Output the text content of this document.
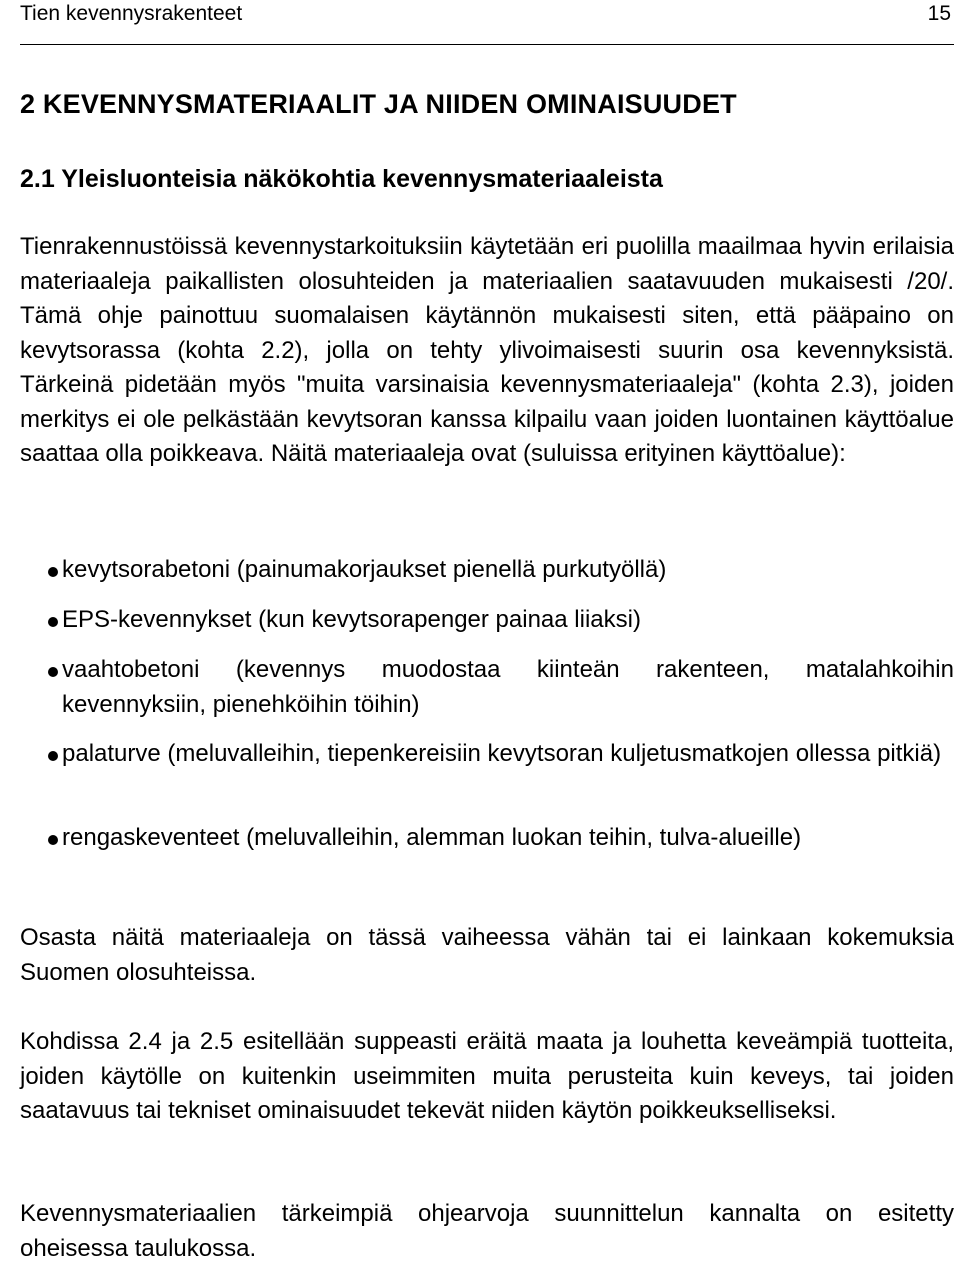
Tien kevennysrakenteet	15
2 KEVENNYSMATERIAALIT JA NIIDEN OMINAISUUDET
2.1 Yleisluonteisia näkökohtia kevennysmateriaaleista

Tienrakennustöissä kevennystarkoituksiin käytetään eri puolilla maailmaa hyvin erilaisia materiaaleja paikallisten olosuhteiden ja materiaalien saatavuuden mukaisesti /20/. Tämä ohje painottuu suomalaisen käytännön mukaisesti siten, että pääpaino on kevytsorassa (kohta 2.2), jolla on tehty ylivoimaisesti suurin osa kevennyksistä. Tärkeinä pidetään myös "muita varsinaisia kevennysmateriaaleja" (kohta 2.3), joiden merkitys ei ole pelkästään kevytsoran kanssa kilpailu vaan joiden luontainen käyttöalue saattaa olla poikkeava. Näitä materiaaleja ovat (suluissa erityinen käyttöalue):

kevytsorabetoni (painumakorjaukset pienellä purkutyöllä)
EPS-kevennykset (kun kevytsorapenger painaa liiaksi)
vaahtobetoni (kevennys muodostaa kiinteän rakenteen, matalahkoihin kevennyksiin, pienehköihin töihin)
palaturve (meluvalleihin, tiepenkereisiin kevytsoran kuljetusmatkojen ollessa pitkiä)
rengaskeventeet (meluvalleihin, alemman luokan teihin, tulva-alueille)

Osasta näitä materiaaleja on tässä vaiheessa vähän tai ei lainkaan kokemuksia Suomen olosuhteissa.

Kohdissa 2.4 ja 2.5 esitellään suppeasti eräitä maata ja louhetta keveämpiä tuotteita, joiden käytölle on kuitenkin useimmiten muita perusteita kuin keveys, tai joiden saatavuus tai tekniset ominaisuudet tekevät niiden käytön poikkeukselliseksi.

Kevennysmateriaalien tärkeimpiä ohjearvoja suunnittelun kannalta on esitetty oheisessa taulukossa.
